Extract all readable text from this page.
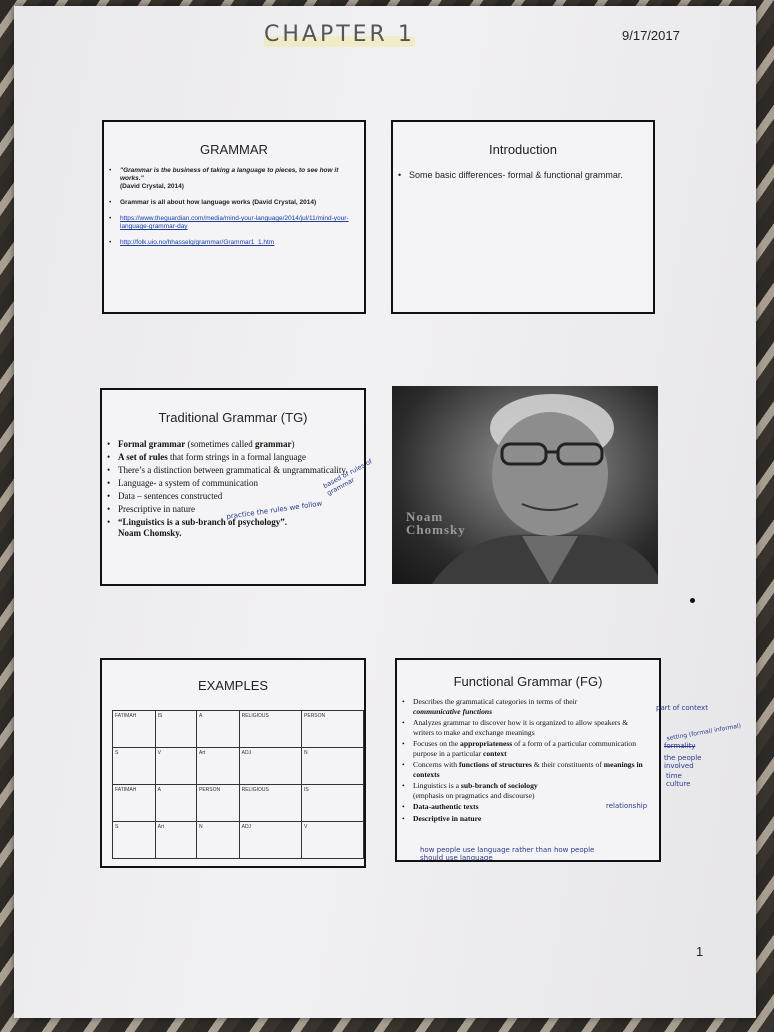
CHAPTER 1	9/17/2017
GRAMMAR
• "Grammar is the business of taking a language to pieces, to see how it works."
(David Crystal, 2014)
• Grammar is all about how language works (David Crystal, 2014)
• https://www.theguardian.com/media/mind-your-language/2014/jul/11/mind-your-language-grammar-day
• http://folk.uio.no/hhasselg/grammar/Grammar1_1.htm
Introduction
• Some basic differences- formal & functional grammar.
Traditional Grammar (TG)
• Formal grammar (sometimes called grammar)
• A set of rules that form strings in a formal language
• There’s a distinction between grammatical & ungrammaticality
• Language- a system of communication
• Data – sentences constructed
• Prescriptive in nature
• “Linguistics is a sub-branch of psychology”.
Noam Chomsky.
based of rules of grammar
practice the rules we follow	Noam
Chomsky
EXAMPLES
FATIMAH	IS	A	RELIGIOUS	PERSON
S	V	Art	ADJ	N
FATIMAH	A	PERSON	RELIGIOUS	IS
S	Art	N	ADJ	V
Functional Grammar (FG)
• Describes the grammatical categories in terms of their
communicative functions
• Analyzes grammar to discover how it is organized to allow speakers & writers to make and exchange meanings
• Focuses on the appropriateness of a form of a particular communication purpose in a particular context
• Concerns with functions of structures & their constituents of meanings in contexts
• Linguistics is a sub-branch of sociology
(emphasis on pragmatics and discourse)
• Data-authentic texts
• Descriptive in nature
part of context
setting (formal/ informal)
formality
the people involved
time
culture
relationship
how people use language rather than how people should use language
1
